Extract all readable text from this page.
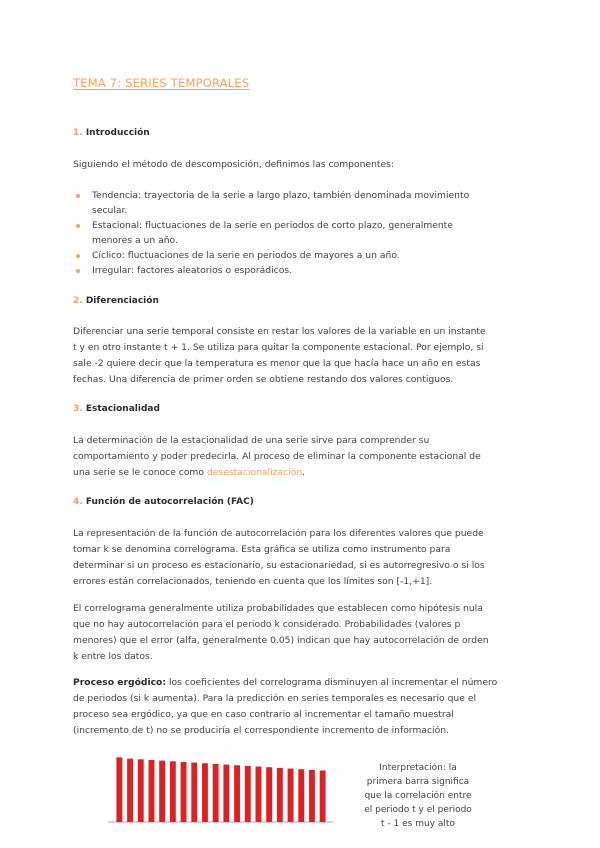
TEMA 7: SERIES TEMPORALES
1. Introducción
Siguiendo el método de descomposición, definimos las componentes:
Tendencia: trayectoria de la serie a largo plazo, también denominada movimiento
secular.
Estacional: fluctuaciones de la serie en periodos de corto plazo, generalmente
menores a un año.
Cíclico: fluctuaciones de la serie en periodos de mayores a un año.
Irregular: factores aleatorios o esporádicos.
2. Diferenciación
Diferenciar una serie temporal consiste en restar los valores de la variable en un instante
t y en otro instante t + 1. Se utiliza para quitar la componente estacional. Por ejemplo, si
sale -2 quiere decir que la temperatura es menor que la que hacía hace un año en estas
fechas. Una diferencia de primer orden se obtiene restando dos valores contiguos.
3. Estacionalidad
La determinación de la estacionalidad de una serie sirve para comprender su
comportamiento y poder predecirla. Al proceso de eliminar la componente estacional de
una serie se le conoce como desestacionalización.
4. Función de autocorrelación (FAC)
La representación de la función de autocorrelación para los diferentes valores que puede
tomar k se denomina correlograma. Esta gráfica se utiliza como instrumento para
determinar si un proceso es estacionario, su estacionariedad, si es autorregresivo o si los
errores están correlacionados, teniendo en cuenta que los límites son [-1,+1].
El correlograma generalmente utiliza probabilidades que establecen como hipótesis nula
que no hay autocorrelación para el periodo k considerado. Probabilidades (valores p
menores) que el error (alfa, generalmente 0.05) indican que hay autocorrelación de orden
k entre los datos.
Proceso ergódico: los coeficientes del correlograma disminuyen al incrementar el número
de periodos (si k aumenta). Para la predicción en series temporales es necesario que el
proceso sea ergódico, ya que en caso contrario al incrementar el tamaño muestral
(incremento de t) no se produciría el correspondiente incremento de información.
Interpretación: la
primera barra significa
que la correlación entre
el periodo t y el periodo
t - 1 es muy alto
